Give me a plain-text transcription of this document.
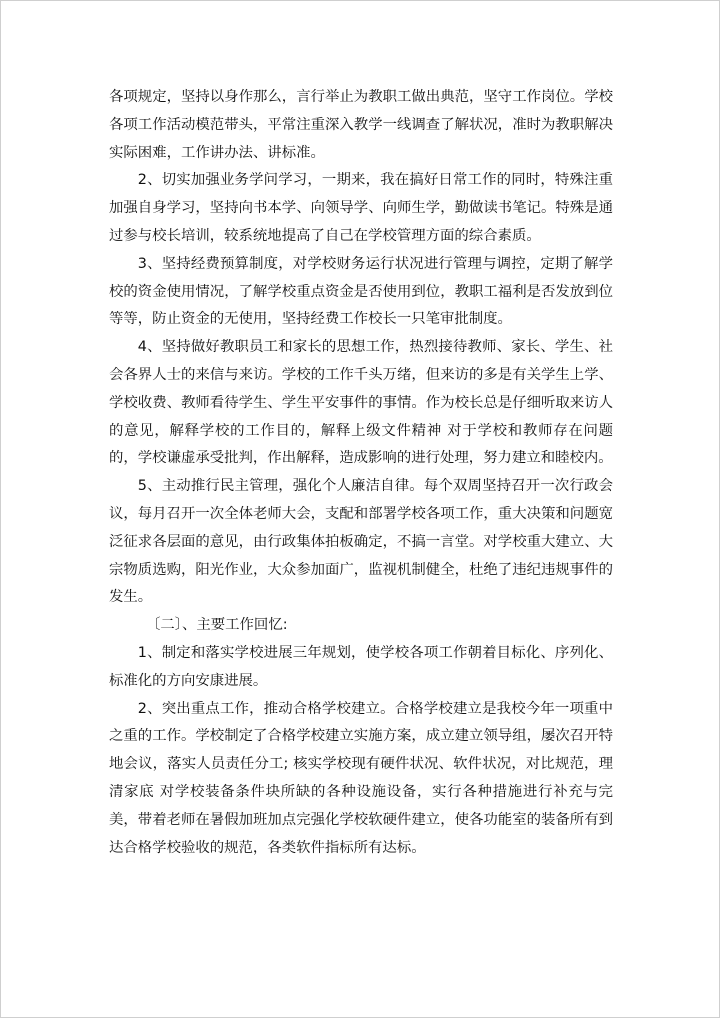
各项规定，坚持以身作那么，言行举止为教职工做出典范，坚守工作岗位。学校各项工作活动模范带头，平常注重深入教学一线调查了解状况，准时为教职解决实际困难，工作讲办法、讲标准。

2、切实加强业务学问学习，一期来，我在搞好日常工作的同时，特殊注重加强自身学习，坚持向书本学、向领导学、向师生学，勤做读书笔记。特殊是通过参与校长培训，较系统地提高了自己在学校管理方面的综合素质。

3、坚持经费预算制度，对学校财务运行状况进行管理与调控，定期了解学校的资金使用情况，了解学校重点资金是否使用到位，教职工福利是否发放到位等等，防止资金的无使用，坚持经费工作校长一只笔审批制度。

4、坚持做好教职员工和家长的思想工作，热烈接待教师、家长、学生、社会各界人士的来信与来访。学校的工作千头万绪，但来访的多是有关学生上学、学校收费、教师看待学生、学生平安事件的事情。作为校长总是仔细听取来访人的意见，解释学校的工作目的，解释上级文件精神 对于学校和教师存在问题的，学校谦虚承受批判，作出解释，造成影响的进行处理，努力建立和睦校内。

5、主动推行民主管理，强化个人廉洁自律。每个双周坚持召开一次行政会议，每月召开一次全体老师大会，支配和部署学校各项工作，重大决策和问题宽泛征求各层面的意见，由行政集体拍板确定，不搞一言堂。对学校重大建立、大宗物质选购，阳光作业，大众参加面广，监视机制健全，杜绝了违纪违规事件的发生。

〔二〕、主要工作回忆:

1、制定和落实学校进展三年规划，使学校各项工作朝着目标化、序列化、标准化的方向安康进展。

2、突出重点工作，推动合格学校建立。合格学校建立是我校今年一项重中之重的工作。学校制定了合格学校建立实施方案，成立建立领导组，屡次召开特地会议，落实人员责任分工; 核实学校现有硬件状况、软件状况，对比规范，理清家底 对学校装备条件块所缺的各种设施设备，实行各种措施进行补充与完美，带着老师在暑假加班加点完强化学校软硬件建立，使各功能室的装备所有到达合格学校验收的规范，各类软件指标所有达标。
